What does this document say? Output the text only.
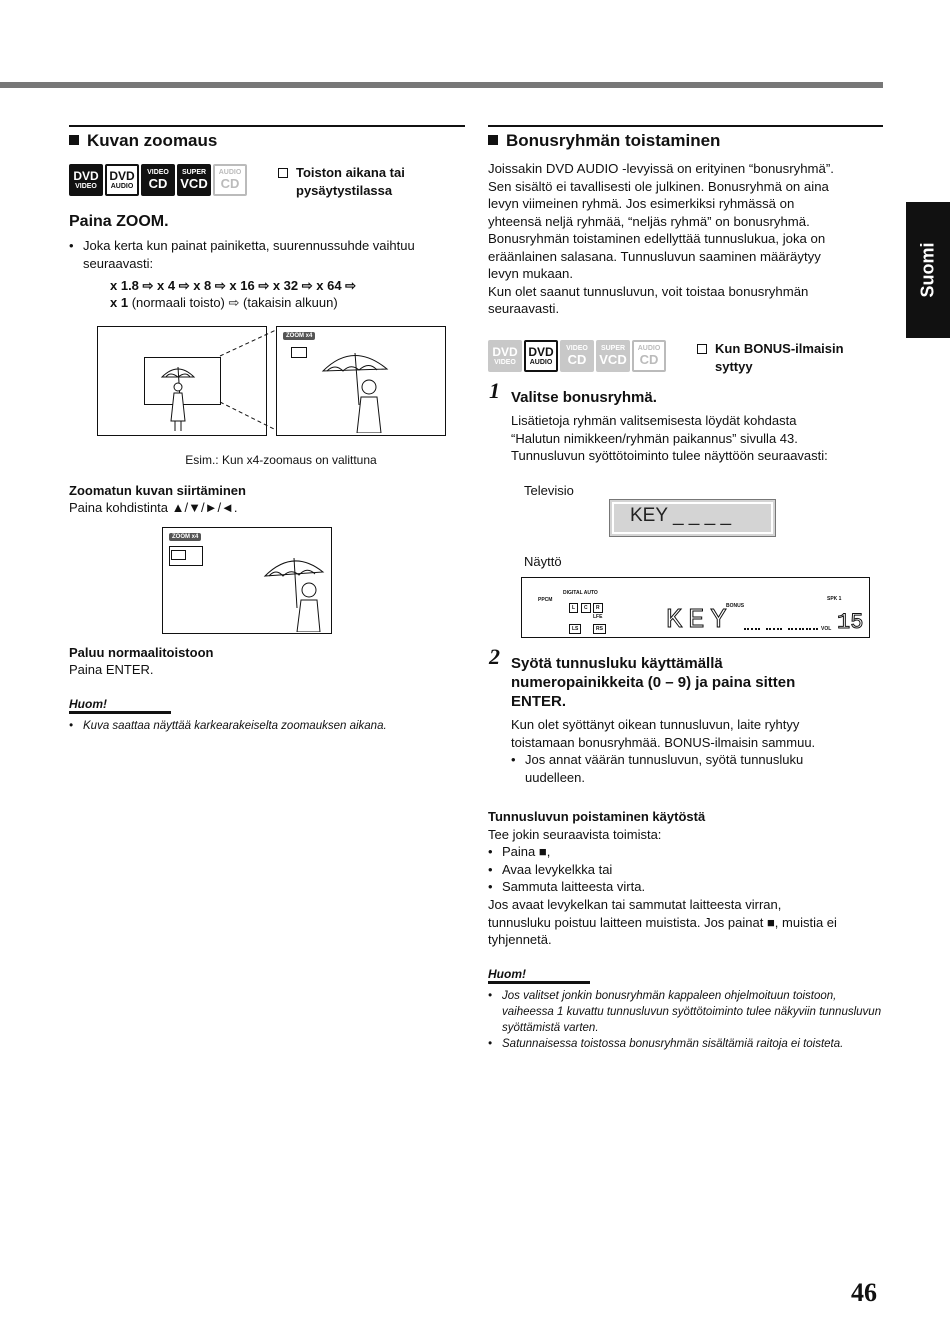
Suomi
Kuvan zoomaus
DVD
VIDEO
DVD
AUDIO
VIDEO
CD
SUPER
VCD
AUDIO
CD
Toiston aikana tai pysäytystilassa
Paina ZOOM.
• Joka kerta kun painat painiketta, suurennussuhde vaihtuu seuraavasti:
x 1.8 ⇨ x 4 ⇨ x 8 ⇨ x 16 ⇨ x 32 ⇨ x 64 ⇨
x 1 (normaali toisto) ⇨ (takaisin alkuun)
ZOOM x4
Esim.: Kun x4-zoomaus on valittuna
Zoomatun kuvan siirtäminen
Paina kohdistinta ▲/▼/►/◄.
ZOOM x4
Paluu normaalitoistoon
Paina ENTER.
Huom!
• Kuva saattaa näyttää karkearakeiselta zoomauksen aikana.
Bonusryhmän toistaminen
Joissakin DVD AUDIO -levyissä on erityinen “bonusryhmä”.
Sen sisältö ei tavallisesti ole julkinen. Bonusryhmä on aina
levyn viimeinen ryhmä. Jos esimerkiksi ryhmässä on
yhteensä neljä ryhmää, “neljäs ryhmä” on bonusryhmä.
Bonusryhmän toistaminen edellyttää tunnuslukua, joka on
eräänlainen salasana. Tunnusluvun saaminen määräytyy
levyn mukaan.
Kun olet saanut tunnusluvun, voit toistaa bonusryhmän
seuraavasti.
DVD
VIDEO
DVD
AUDIO
VIDEO
CD
SUPER
VCD
AUDIO
CD
Kun BONUS-ilmaisin syttyy
1 Valitse bonusryhmä.
Lisätietoja ryhmän valitsemisesta löydät kohdasta
“Halutun nimikkeen/ryhmän paikannus” sivulla 43.
Tunnusluvun syöttötoiminto tulee näyttöön seuraavasti:
Televisio
KEY _ _ _ _
Näyttö
PPCM
DIGITAL AUTO
L	C	R
LFE
LS	RS
BONUS
SPK 1
KEY	VOL 15
2 Syötä tunnusluku käyttämällä
numeropainikkeita (0 – 9) ja paina sitten
ENTER.
Kun olet syöttänyt oikean tunnusluvun, laite ryhtyy
toistamaan bonusryhmää. BONUS-ilmaisin sammuu.
• Jos annat väärän tunnusluvun, syötä tunnusluku uudelleen.
Tunnusluvun poistaminen käytöstä
Tee jokin seuraavista toimista:
• Paina ■,
• Avaa levykelkka tai
• Sammuta laitteesta virta.
Jos avaat levykelkan tai sammutat laitteesta virran,
tunnusluku poistuu laitteen muistista. Jos painat ■, muistia ei
tyhjennetä.
Huom!
• Jos valitset jonkin bonusryhmän kappaleen ohjelmoituun toistoon, vaiheessa 1 kuvattu tunnusluvun syöttötoiminto tulee näkyviin tunnusluvun syöttämistä varten.
• Satunnaisessa toistossa bonusryhmän sisältämiä raitoja ei toisteta.
46
